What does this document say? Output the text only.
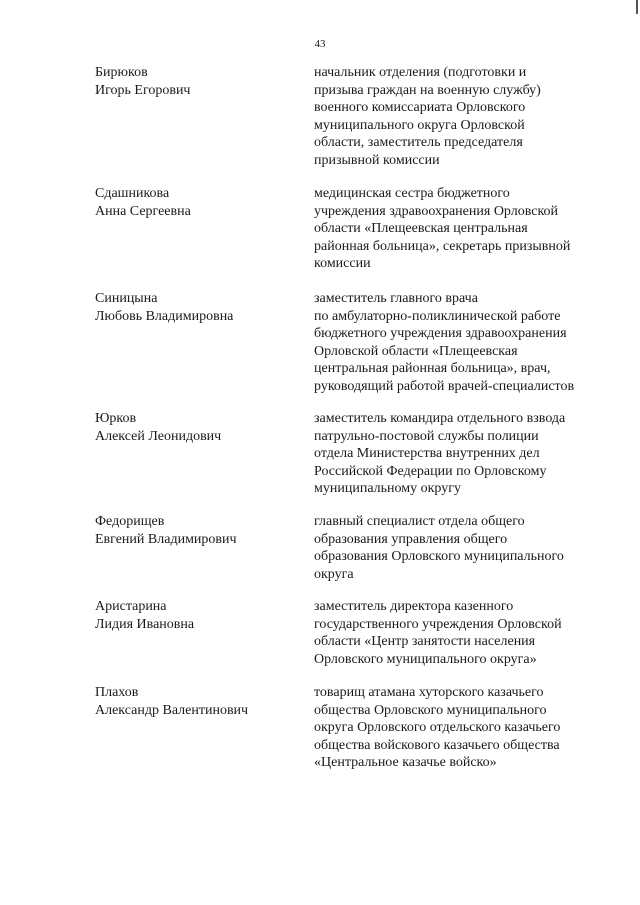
43
Бирюков
Игорь Егорович
начальник отделения (подготовки и
призыва граждан на военную службу)
военного комиссариата Орловского
муниципального округа Орловской
области, заместитель председателя
призывной комиссии
Сдашникова
Анна Сергеевна
медицинская сестра бюджетного
учреждения здравоохранения Орловской
области «Плещеевская центральная
районная больница», секретарь призывной
комиссии
Синицына
Любовь Владимировна
заместитель главного врача
по амбулаторно-поликлинической работе
бюджетного учреждения здравоохранения
Орловской области «Плещеевская
центральная районная больница», врач,
руководящий работой врачей-специалистов
Юрков
Алексей Леонидович
заместитель командира отдельного взвода
патрульно-постовой службы полиции
отдела Министерства внутренних дел
Российской Федерации по Орловскому
муниципальному округу
Федорищев
Евгений Владимирович
главный специалист отдела общего
образования управления общего
образования Орловского муниципального
округа
Аристарина
Лидия Ивановна
заместитель директора казенного
государственного учреждения Орловской
области «Центр занятости населения
Орловского муниципального округа»
Плахов
Александр Валентинович
товарищ атамана хуторского казачьего
общества Орловского муниципального
округа Орловского отдельского казачьего
общества войскового казачьего общества
«Центральное казачье войско»
